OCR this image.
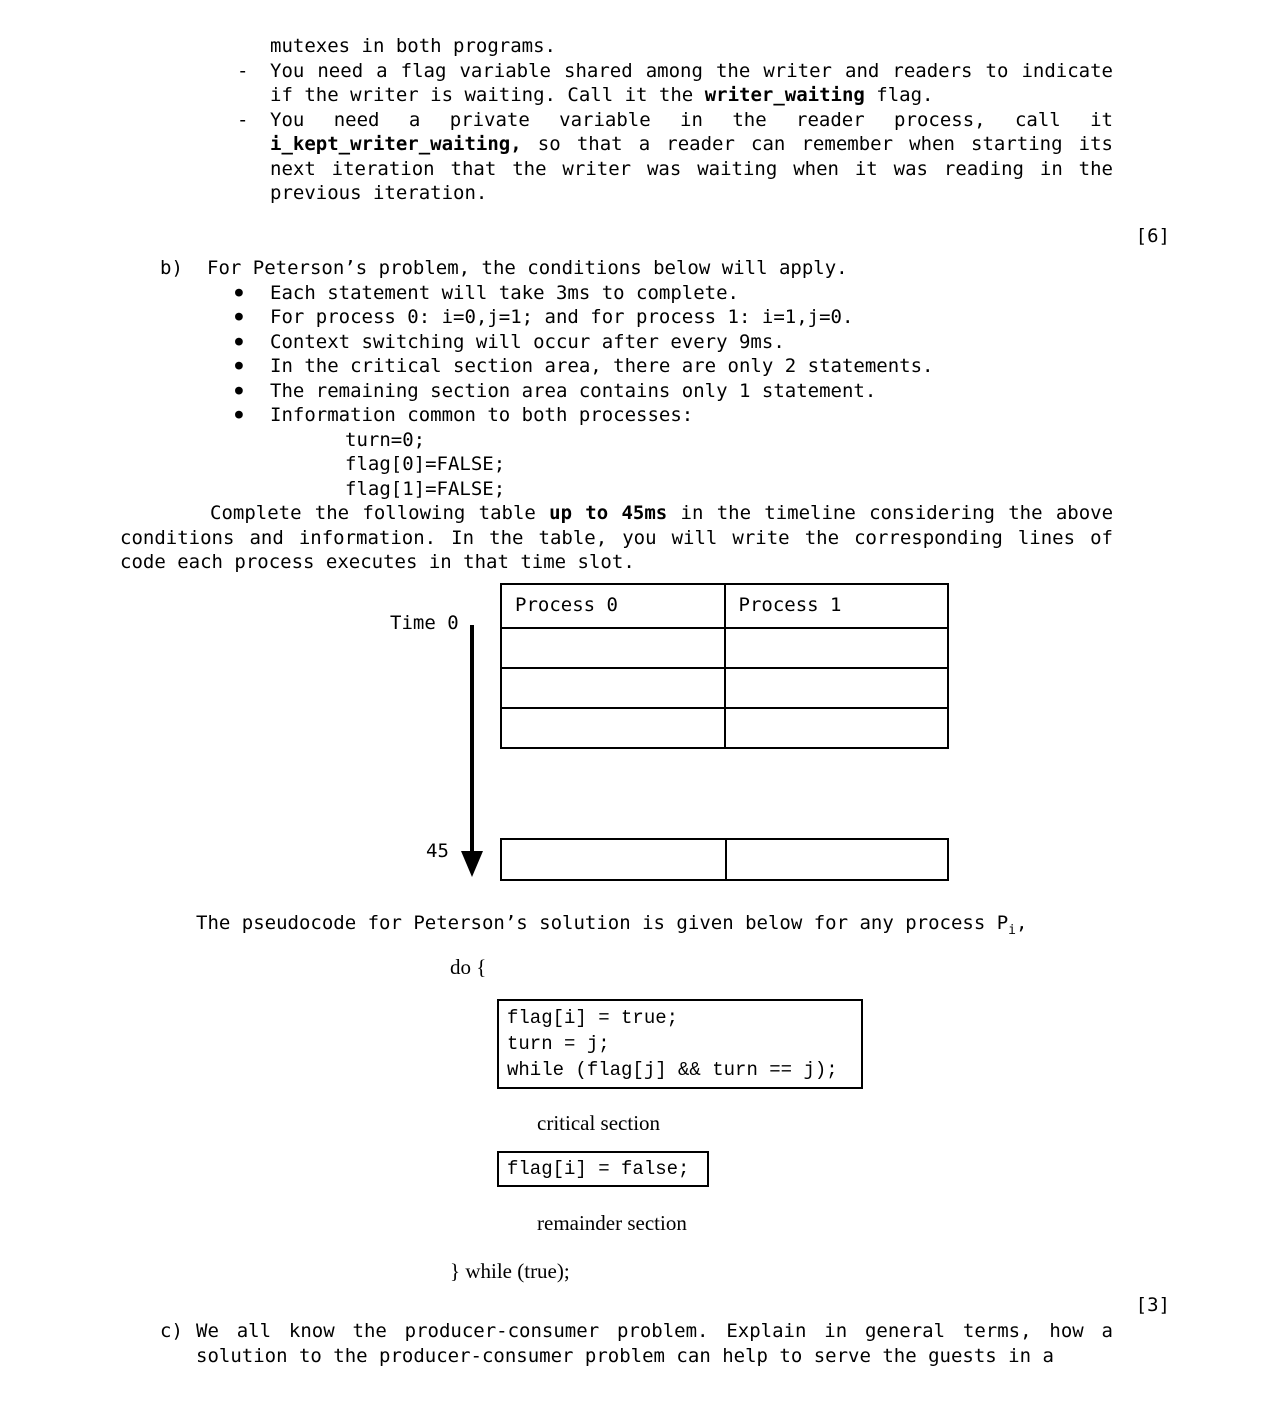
mutexes in both programs.
- You need a flag variable shared among the writer and readers to indicate if the writer is waiting. Call it the writer_waiting flag.
- You need a private variable in the reader process, call it i_kept_writer_waiting, so that a reader can remember when starting its next iteration that the writer was waiting when it was reading in the previous iteration.
[6]
b) For Peterson’s problem, the conditions below will apply.
● Each statement will take 3ms to complete.
● For process 0: i=0,j=1; and for process 1: i=1,j=0.
● Context switching will occur after every 9ms.
● In the critical section area, there are only 2 statements.
● The remaining section area contains only 1 statement.
● Information common to both processes:
turn=0;
flag[0]=FALSE;
flag[1]=FALSE;
Complete the following table up to 45ms in the timeline considering the above conditions and information. In the table, you will write the corresponding lines of code each process executes in that time slot.
Time 0
Process 0	Process 1

45
The pseudocode for Peterson’s solution is given below for any process $P_i$,
do {
flag[i] = true;
turn = j;
while (flag[j] && turn == j);
critical section
flag[i] = false;
remainder section
} while (true);
[3]
c) We all know the producer-consumer problem. Explain in general terms, how a solution to the producer-consumer problem can help to serve the guests in a
